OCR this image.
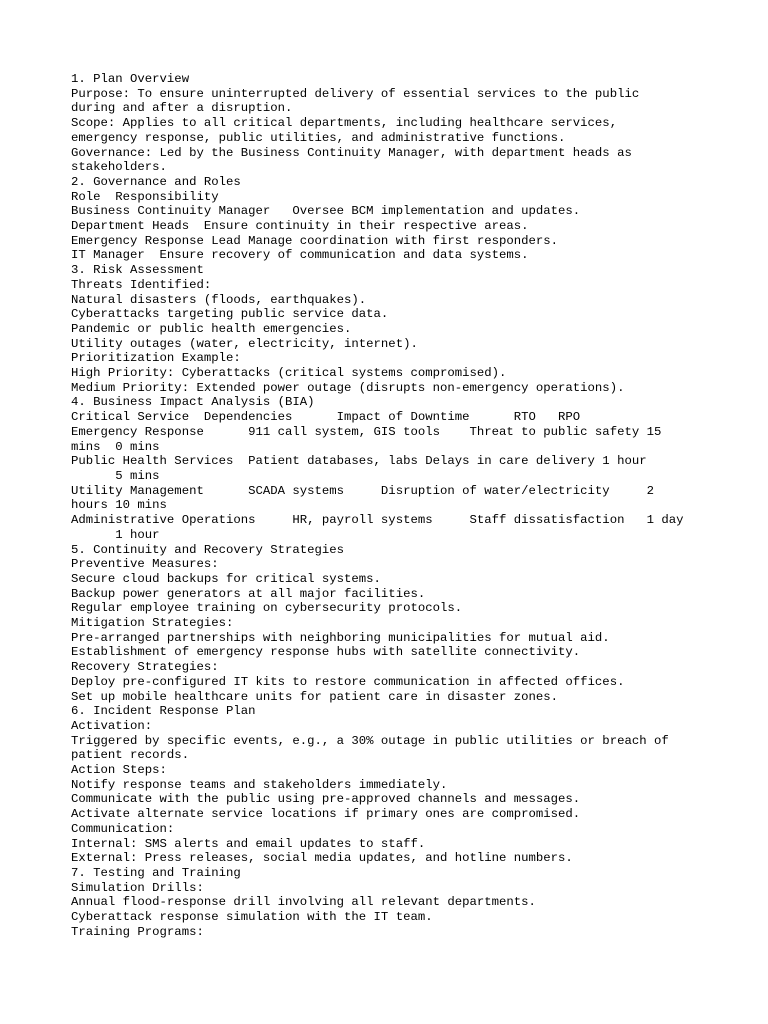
1. Plan Overview
Purpose: To ensure uninterrupted delivery of essential services to the public
during and after a disruption.
Scope: Applies to all critical departments, including healthcare services,
emergency response, public utilities, and administrative functions.
Governance: Led by the Business Continuity Manager, with department heads as
stakeholders.
2. Governance and Roles
Role  Responsibility
Business Continuity Manager   Oversee BCM implementation and updates.
Department Heads  Ensure continuity in their respective areas.
Emergency Response Lead Manage coordination with first responders.
IT Manager  Ensure recovery of communication and data systems.
3. Risk Assessment
Threats Identified:
Natural disasters (floods, earthquakes).
Cyberattacks targeting public service data.
Pandemic or public health emergencies.
Utility outages (water, electricity, internet).
Prioritization Example:
High Priority: Cyberattacks (critical systems compromised).
Medium Priority: Extended power outage (disrupts non-emergency operations).
4. Business Impact Analysis (BIA)
Critical Service  Dependencies      Impact of Downtime      RTO   RPO
Emergency Response      911 call system, GIS tools    Threat to public safety 15
mins  0 mins
Public Health Services  Patient databases, labs Delays in care delivery 1 hour
5 mins
Utility Management      SCADA systems     Disruption of water/electricity     2
hours 10 mins
Administrative Operations     HR, payroll systems     Staff dissatisfaction   1 day
1 hour
5. Continuity and Recovery Strategies
Preventive Measures:
Secure cloud backups for critical systems.
Backup power generators at all major facilities.
Regular employee training on cybersecurity protocols.
Mitigation Strategies:
Pre-arranged partnerships with neighboring municipalities for mutual aid.
Establishment of emergency response hubs with satellite connectivity.
Recovery Strategies:
Deploy pre-configured IT kits to restore communication in affected offices.
Set up mobile healthcare units for patient care in disaster zones.
6. Incident Response Plan
Activation:
Triggered by specific events, e.g., a 30% outage in public utilities or breach of
patient records.
Action Steps:
Notify response teams and stakeholders immediately.
Communicate with the public using pre-approved channels and messages.
Activate alternate service locations if primary ones are compromised.
Communication:
Internal: SMS alerts and email updates to staff.
External: Press releases, social media updates, and hotline numbers.
7. Testing and Training
Simulation Drills:
Annual flood-response drill involving all relevant departments.
Cyberattack response simulation with the IT team.
Training Programs:
